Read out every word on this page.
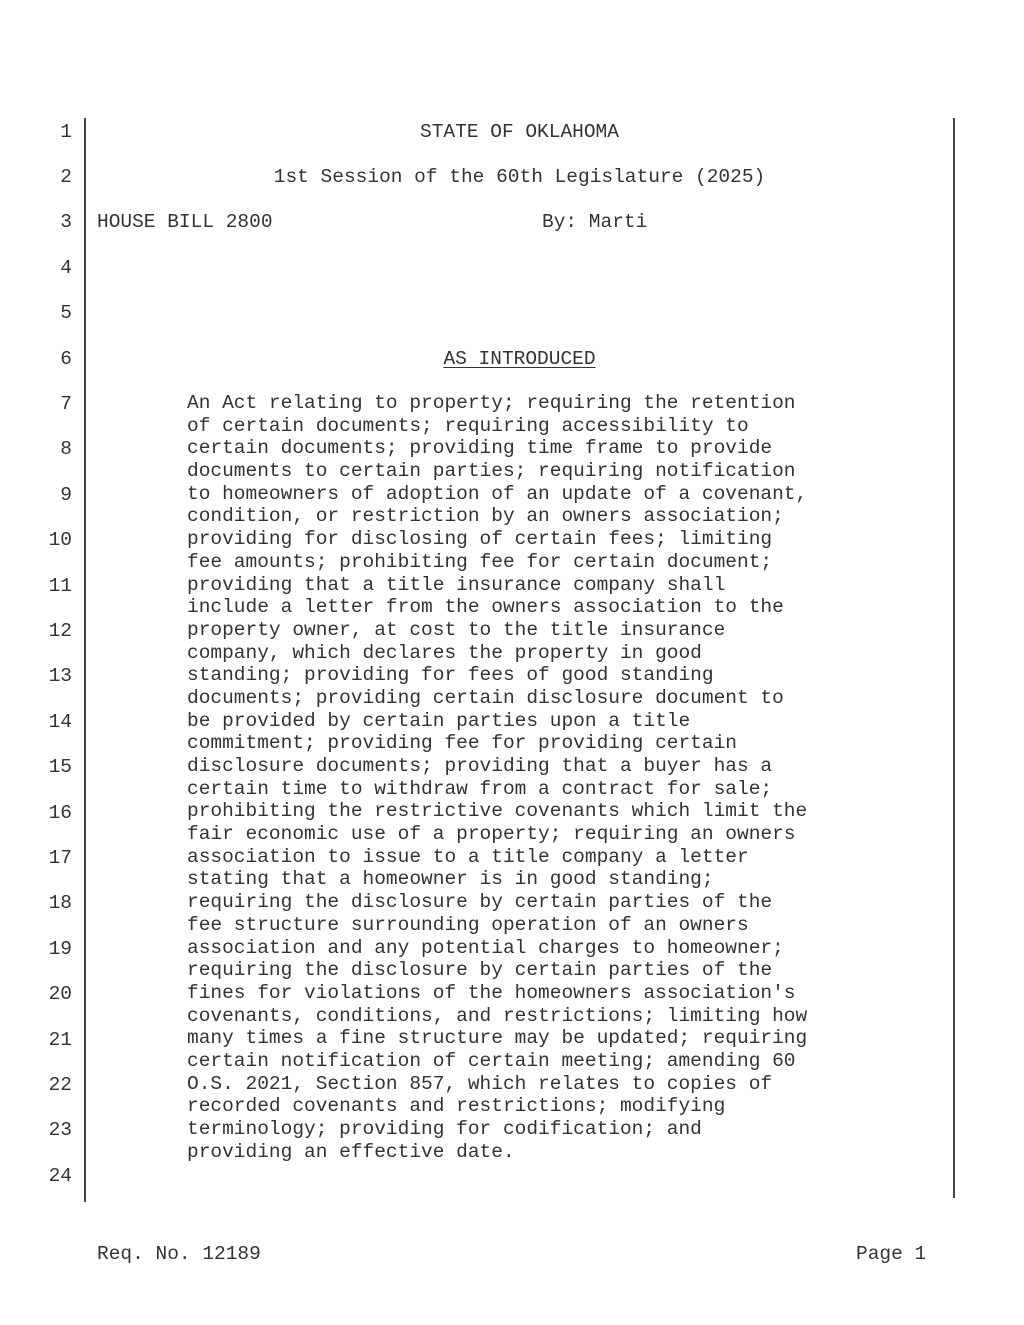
1
2
3
4
5
6
7
8
9
10
11
12
13
14
15
16
17
18
19
20
21
22
23
24
STATE OF OKLAHOMA
1st Session of the 60th Legislature (2025)
HOUSE BILL 2800	By: Marti
AS INTRODUCED
An Act relating to property; requiring the retention
of certain documents; requiring accessibility to
certain documents; providing time frame to provide
documents to certain parties; requiring notification
to homeowners of adoption of an update of a covenant,
condition, or restriction by an owners association;
providing for disclosing of certain fees; limiting
fee amounts; prohibiting fee for certain document;
providing that a title insurance company shall
include a letter from the owners association to the
property owner, at cost to the title insurance
company, which declares the property in good
standing; providing for fees of good standing
documents; providing certain disclosure document to
be provided by certain parties upon a title
commitment; providing fee for providing certain
disclosure documents; providing that a buyer has a
certain time to withdraw from a contract for sale;
prohibiting the restrictive covenants which limit the
fair economic use of a property; requiring an owners
association to issue to a title company a letter
stating that a homeowner is in good standing;
requiring the disclosure by certain parties of the
fee structure surrounding operation of an owners
association and any potential charges to homeowner;
requiring the disclosure by certain parties of the
fines for violations of the homeowners association's
covenants, conditions, and restrictions; limiting how
many times a fine structure may be updated; requiring
certain notification of certain meeting; amending 60
O.S. 2021, Section 857, which relates to copies of
recorded covenants and restrictions; modifying
terminology; providing for codification; and
providing an effective date.
Req. No. 12189	Page 1
